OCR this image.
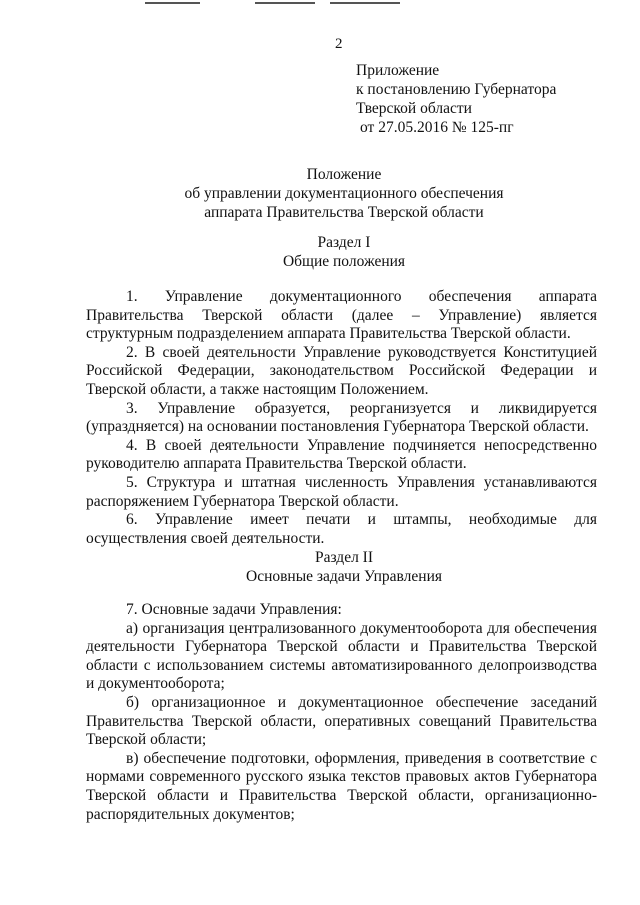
2
Приложение
к постановлению Губернатора
Тверской области
от 27.05.2016 № 125-пг
Положение
об управлении документационного обеспечения
аппарата Правительства Тверской области
Раздел I
Общие положения

1. Управление документационного обеспечения аппарата Правительства Тверской области (далее – Управление) является структурным подразделением аппарата Правительства Тверской области.

2. В своей деятельности Управление руководствуется Конституцией Российской Федерации, законодательством Российской Федерации и Тверской области, а также настоящим Положением.

3. Управление образуется, реорганизуется и ликвидируется (упраздняется) на основании постановления Губернатора Тверской области.

4. В своей деятельности Управление подчиняется непосредственно руководителю аппарата Правительства Тверской области.

5. Структура и штатная численность Управления устанавливаются распоряжением Губернатора Тверской области.

6. Управление имеет печати и штампы, необходимые для осуществления своей деятельности.

Раздел II
Основные задачи Управления

7. Основные задачи Управления:

а) организация централизованного документооборота для обеспечения деятельности Губернатора Тверской области и Правительства Тверской области с использованием системы автоматизированного делопроизводства и документооборота;

б) организационное и документационное обеспечение заседаний Правительства Тверской области, оперативных совещаний Правительства Тверской области;

в) обеспечение подготовки, оформления, приведения в соответствие с нормами современного русского языка текстов правовых актов Губернатора Тверской области и Правительства Тверской области, организационно-распорядительных документов;
